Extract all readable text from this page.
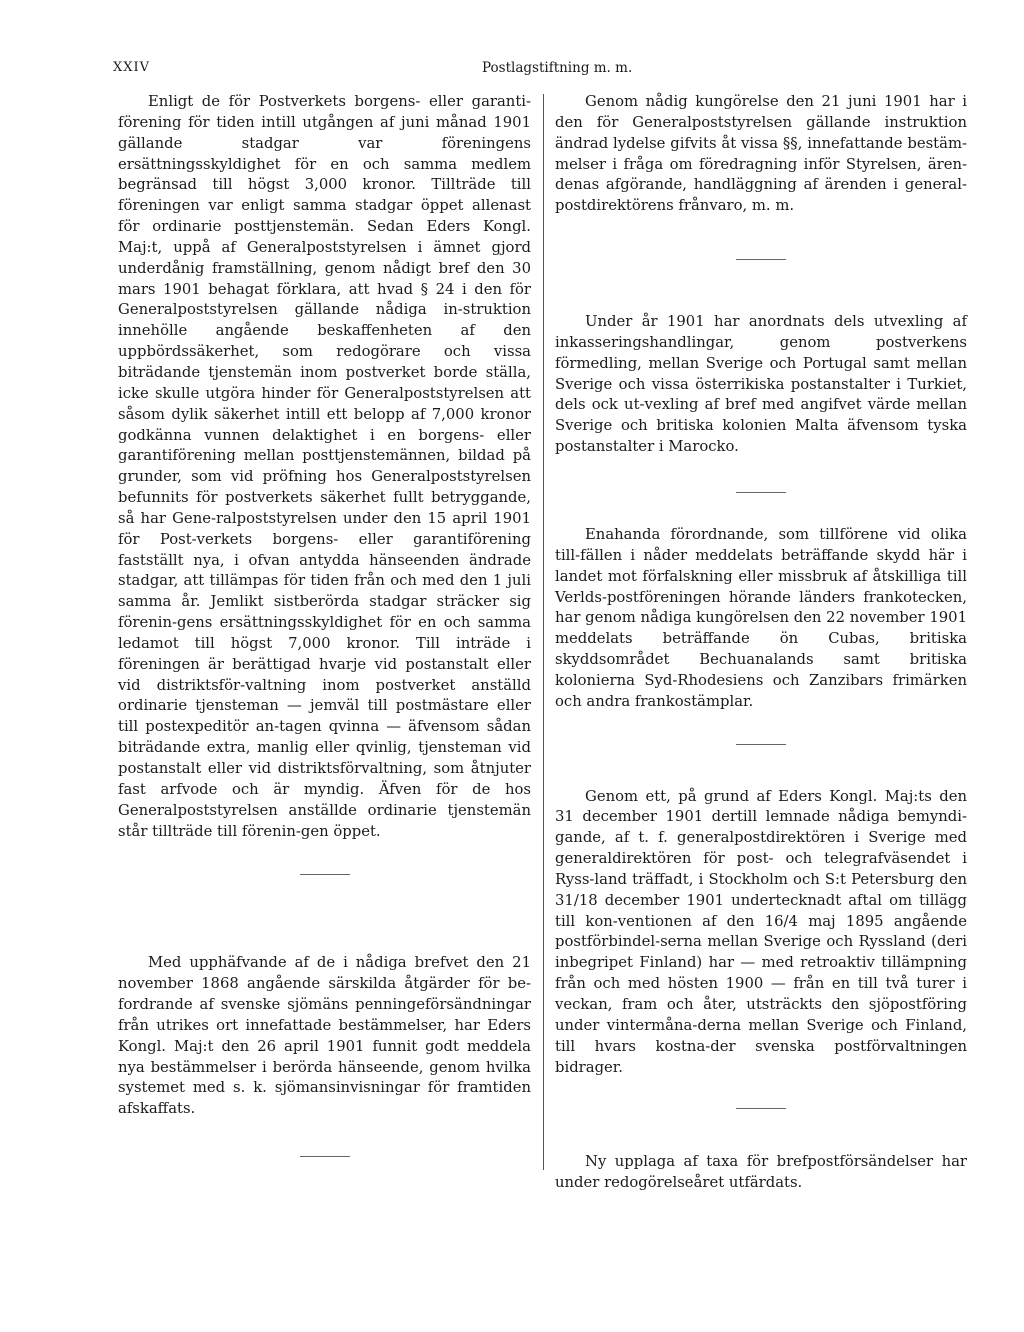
XXIV	Postlagstiftning m. m.

Enligt de för Postverkets borgens- eller garanti-förening för tiden intill utgången af juni månad 1901 gällande stadgar var föreningens ersättningsskyldighet för en och samma medlem begränsad till högst 3,000 kronor. Tillträde till föreningen var enligt samma stadgar öppet allenast för ordinarie posttjenstemän. Sedan Eders Kongl. Maj:t, uppå af Generalpoststyrelsen i ämnet gjord underdånig framställning, genom nådigt bref den 30 mars 1901 behagat förklara, att hvad § 24 i den för Generalpoststyrelsen gällande nådiga in-struktion innehölle angående beskaffenheten af den uppbördssäkerhet, som redogörare och vissa biträdande tjenstemän inom postverket borde ställa, icke skulle utgöra hinder för Generalpoststyrelsen att såsom dylik säkerhet intill ett belopp af 7,000 kronor godkänna vunnen delaktighet i en borgens- eller garantiförening mellan posttjenstemännen, bildad på grunder, som vid pröfning hos Generalpoststyrelsen befunnits för postverkets säkerhet fullt betryggande, så har Gene-ralpoststyrelsen under den 15 april 1901 för Post-verkets borgens- eller garantiförening fastställt nya, i ofvan antydda hänseenden ändrade stadgar, att tillämpas för tiden från och med den 1 juli samma år. Jemlikt sistberörda stadgar sträcker sig förenin-gens ersättningsskyldighet för en och samma ledamot till högst 7,000 kronor. Till inträde i föreningen är berättigad hvarje vid postanstalt eller vid distriktsför-valtning inom postverket anställd ordinarie tjensteman — jemväl till postmästare eller till postexpeditör an-tagen qvinna — äfvensom sådan biträdande extra, manlig eller qvinlig, tjensteman vid postanstalt eller vid distriktsförvaltning, som åtnjuter fast arfvode och är myndig. Äfven för de hos Generalpoststyrelsen anställde ordinarie tjenstemän står tillträde till förenin-gen öppet.

Med upphäfvande af de i nådiga brefvet den 21 november 1868 angående särskilda åtgärder för be-fordrande af svenske sjömäns penningeförsändningar från utrikes ort innefattade bestämmelser, har Eders Kongl. Maj:t den 26 april 1901 funnit godt meddela nya bestämmelser i berörda hänseende, genom hvilka systemet med s. k. sjömansinvisningar för framtiden afskaffats.

Genom nådig kungörelse den 21 juni 1901 har i den för Generalpoststyrelsen gällande instruktion ändrad lydelse gifvits åt vissa §§, innefattande bestäm-melser i fråga om föredragning inför Styrelsen, ären-denas afgörande, handläggning af ärenden i general-postdirektörens frånvaro, m. m.

Under år 1901 har anordnats dels utvexling af inkasseringshandlingar, genom postverkens förmedling, mellan Sverige och Portugal samt mellan Sverige och vissa österrikiska postanstalter i Turkiet, dels ock ut-vexling af bref med angifvet värde mellan Sverige och britiska kolonien Malta äfvensom tyska postanstalter i Marocko.

Enahanda förordnande, som tillförene vid olika till-fällen i nåder meddelats beträffande skydd här i landet mot förfalskning eller missbruk af åtskilliga till Verlds-postföreningen hörande länders frankotecken, har genom nådiga kungörelsen den 22 november 1901 meddelats beträffande ön Cubas, britiska skyddsområdet Bechuanalands samt britiska kolonierna Syd-Rhodesiens och Zanzibars frimärken och andra frankostämplar.

Genom ett, på grund af Eders Kongl. Maj:ts den 31 december 1901 dertill lemnade nådiga bemyndi-gande, af t. f. generalpostdirektören i Sverige med generaldirektören för post- och telegrafväsendet i Ryss-land träffadt, i Stockholm och S:t Petersburg den 31/18 december 1901 undertecknadt aftal om tillägg till kon-ventionen af den 16/4 maj 1895 angående postförbindel-serna mellan Sverige och Ryssland (deri inbegripet Finland) har — med retroaktiv tillämpning från och med hösten 1900 — från en till två turer i veckan, fram och åter, utsträckts den sjöpostföring under vintermåna-derna mellan Sverige och Finland, till hvars kostna-der svenska postförvaltningen bidrager.

Ny upplaga af taxa för brefpostförsändelser har under redogörelseåret utfärdats.
